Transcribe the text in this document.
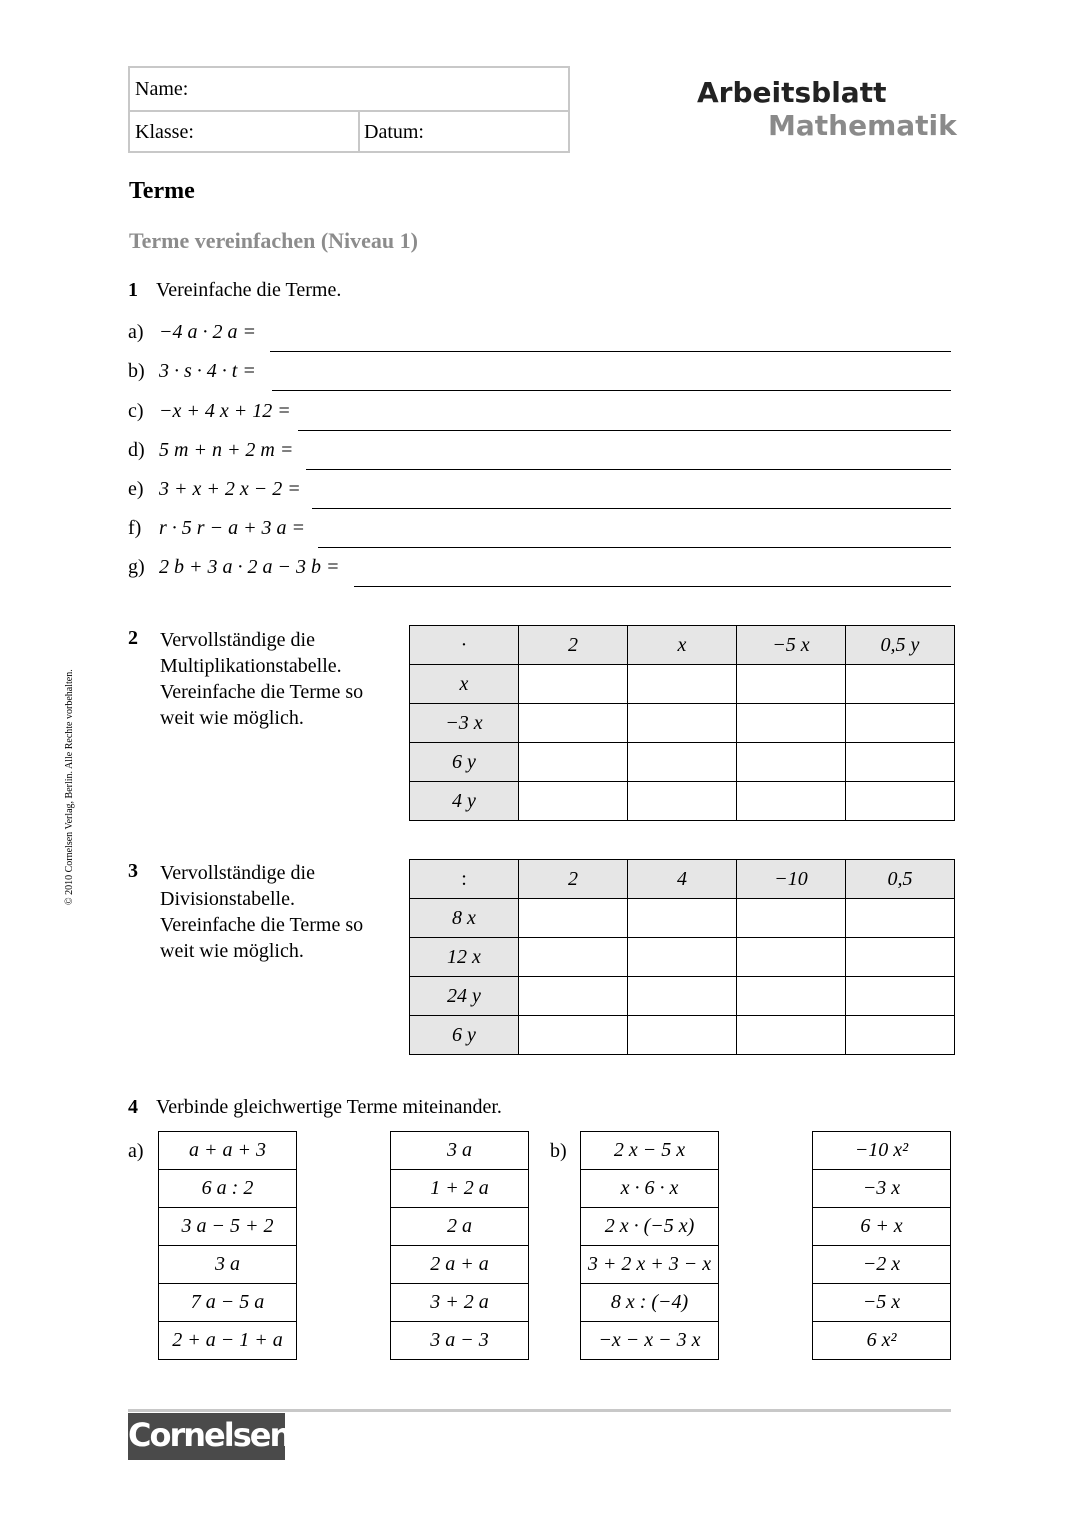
Name:
Klasse:	Datum:
Arbeitsblatt
Mathematik
Terme
Terme vereinfachen (Niveau 1)
1 Vereinfache die Terme.
a) −4 a · 2 a =
b) 3 · s · 4 · t =
c) −x + 4 x + 12 =
d) 5 m + n + 2 m =
e) 3 + x + 2 x − 2 =
f) r · 5 r − a + 3 a =
g) 2 b + 3 a · 2 a − 3 b =
2 Vervollständige die
Multiplikationstabelle.
Vereinfache die Terme so
weit wie möglich.
·	2	x	−5 x	0,5 y
x				
−3 x				
6 y				
4 y				
3 Vervollständige die
Divisionstabelle.
Vereinfache die Terme so
weit wie möglich.
:	2	4	−10	0,5
8 x				
12 x				
24 y				
6 y				
4 Verbinde gleichwertige Terme miteinander.
a)	b)
a + a + 3
6 a : 2
3 a − 5 + 2
3 a
7 a − 5 a
2 + a − 1 + a
3 a
1 + 2 a
2 a
2 a + a
3 + 2 a
3 a − 3
2 x − 5 x
x · 6 · x
2 x · (−5 x)
3 + 2 x + 3 − x
8 x : (−4)
−x − x − 3 x
−10 x²
−3 x
6 + x
−2 x
−5 x
6 x²
© 2010 Cornelsen Verlag, Berlin. Alle Rechte vorbehalten.
Cornelsen
